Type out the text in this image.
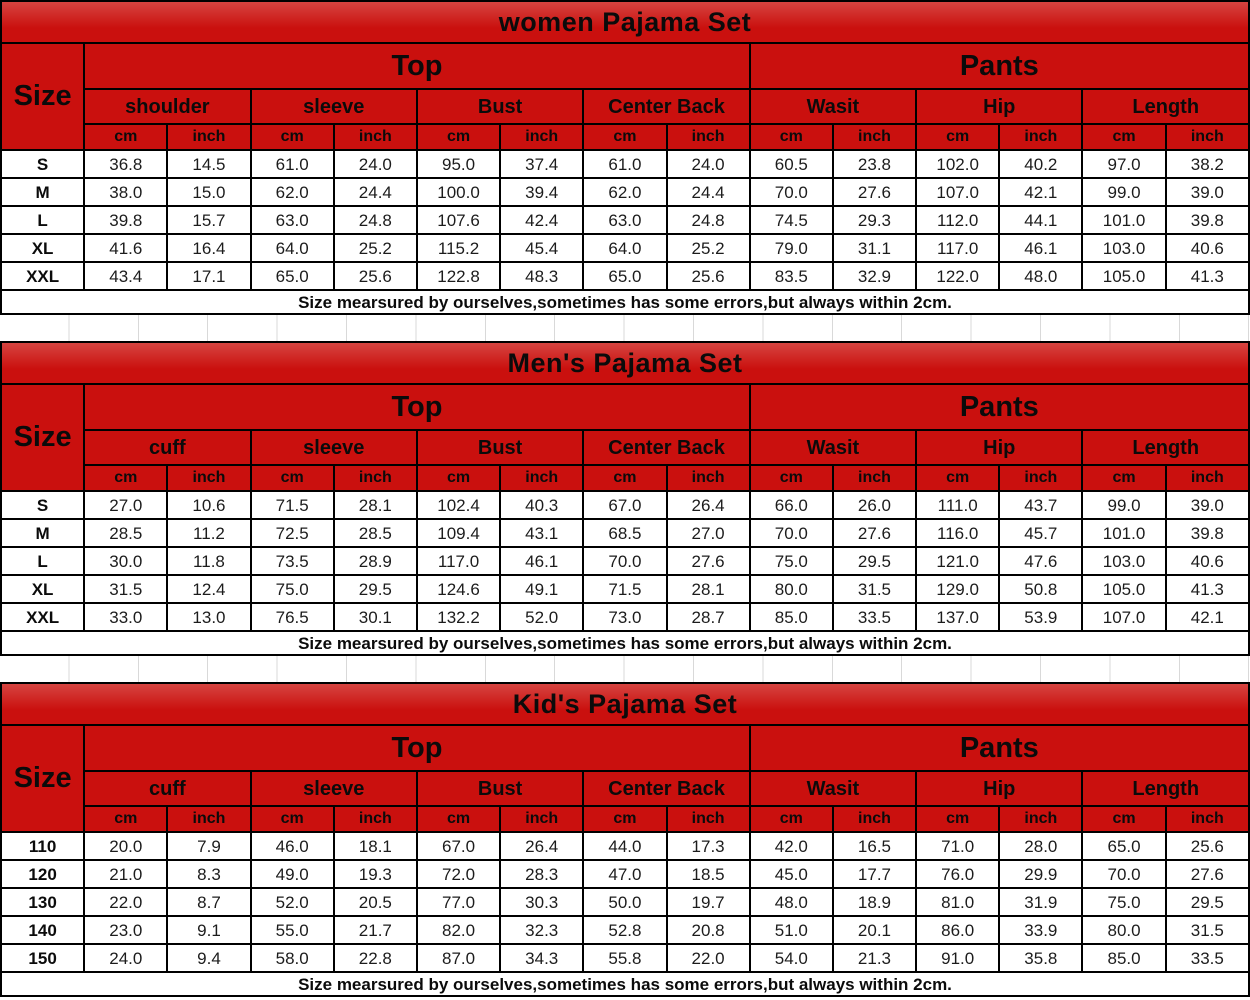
women Pajama Set														
Size	Top								Pants					
	shoulder		sleeve		Bust		Center Back		Wasit		Hip		Length	
	cm	inch	cm	inch	cm	inch	cm	inch	cm	inch	cm	inch	cm	inch
S	36.8	14.5	61.0	24.0	95.0	37.4	61.0	24.0	60.5	23.8	102.0	40.2	97.0	38.2
M	38.0	15.0	62.0	24.4	100.0	39.4	62.0	24.4	70.0	27.6	107.0	42.1	99.0	39.0
L	39.8	15.7	63.0	24.8	107.6	42.4	63.0	24.8	74.5	29.3	112.0	44.1	101.0	39.8
XL	41.6	16.4	64.0	25.2	115.2	45.4	64.0	25.2	79.0	31.1	117.0	46.1	103.0	40.6
XXL	43.4	17.1	65.0	25.6	122.8	48.3	65.0	25.6	83.5	32.9	122.0	48.0	105.0	41.3
Size mearsured by ourselves,sometimes has some errors,but always within 2cm.														
Men's Pajama Set														
Size	Top								Pants					
	cuff		sleeve		Bust		Center Back		Wasit		Hip		Length	
	cm	inch	cm	inch	cm	inch	cm	inch	cm	inch	cm	inch	cm	inch
S	27.0	10.6	71.5	28.1	102.4	40.3	67.0	26.4	66.0	26.0	111.0	43.7	99.0	39.0
M	28.5	11.2	72.5	28.5	109.4	43.1	68.5	27.0	70.0	27.6	116.0	45.7	101.0	39.8
L	30.0	11.8	73.5	28.9	117.0	46.1	70.0	27.6	75.0	29.5	121.0	47.6	103.0	40.6
XL	31.5	12.4	75.0	29.5	124.6	49.1	71.5	28.1	80.0	31.5	129.0	50.8	105.0	41.3
XXL	33.0	13.0	76.5	30.1	132.2	52.0	73.0	28.7	85.0	33.5	137.0	53.9	107.0	42.1
Size mearsured by ourselves,sometimes has some errors,but always within 2cm.														
Kid's Pajama Set														
Size	Top								Pants					
	cuff		sleeve		Bust		Center Back		Wasit		Hip		Length	
	cm	inch	cm	inch	cm	inch	cm	inch	cm	inch	cm	inch	cm	inch
110	20.0	7.9	46.0	18.1	67.0	26.4	44.0	17.3	42.0	16.5	71.0	28.0	65.0	25.6
120	21.0	8.3	49.0	19.3	72.0	28.3	47.0	18.5	45.0	17.7	76.0	29.9	70.0	27.6
130	22.0	8.7	52.0	20.5	77.0	30.3	50.0	19.7	48.0	18.9	81.0	31.9	75.0	29.5
140	23.0	9.1	55.0	21.7	82.0	32.3	52.8	20.8	51.0	20.1	86.0	33.9	80.0	31.5
150	24.0	9.4	58.0	22.8	87.0	34.3	55.8	22.0	54.0	21.3	91.0	35.8	85.0	33.5
Size mearsured by ourselves,sometimes has some errors,but always within 2cm.														
